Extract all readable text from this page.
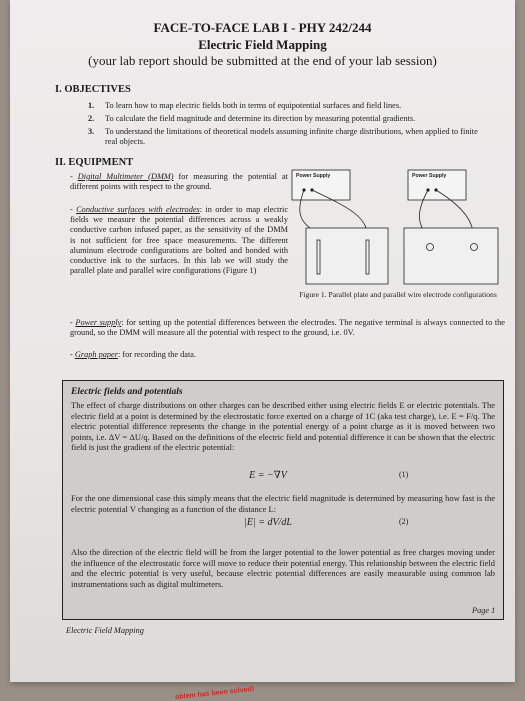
FACE-TO-FACE LAB I - PHY 242/244
Electric Field Mapping
(your lab report should be submitted at the end of your lab session)
I. OBJECTIVES
1. To learn how to map electric fields both in terms of equipotential surfaces and field lines.
2. To calculate the field magnitude and determine its direction by measuring potential gradients.
3. To understand the limitations of theoretical models assuming infinite charge distributions, when applied to finite real objects.
II. EQUIPMENT
- Digital Multimeter (DMM) for measuring the potential at different points with respect to the ground.
- Conductive surfaces with electrodes: in order to map electric fields we measure the potential differences across a weakly conductive carbon infused paper, as the sensitivity of the DMM is not sufficient for free space measurements. The different aluminum electrode configurations are bolted and bonded with conductive ink to the surfaces. In this lab we will study the parallel plate and parallel wire configurations (Figure 1)
- Power supply: for setting up the potential differences between the electrodes. The negative terminal is always connected to the ground, so the DMM will measure all the potential with respect to the ground, i.e. 0V.
- Graph paper: for recording the data.
Power Supply	Power Supply
Figure 1. Parallel plate and parallel wire electrode configurations
Electric fields and potentials
The effect of charge distributions on other charges can be described either using electric fields E or electric potentials. The electric field at a point is determined by the electrostatic force exerted on a charge of 1C (aka test charge), i.e. E = F/q. The electric potential difference represents the change in the potential energy of a point charge as it is moved between two points, i.e. ΔV = ΔU/q. Based on the definitions of the electric field and potential difference it can be shown that the electric field is just the gradient of the electric potential:
E = −∇V	(1)
For the one dimensional case this simply means that the electric field magnitude is determined by measuring how fast is the electric potential V changing as a function of the distance L:
|E| = dV/dL	(2)
Also the direction of the electric field will be from the larger potential to the lower potential as free charges moving under the influence of the electrostatic force will move to reduce their potential energy. This relationship between the electric field and the electric potential is very useful, because electric potential differences are easily measurable using common lab instrumentations such as digital multimeters.
Page 1
Electric Field Mapping
oblem has been solved!
